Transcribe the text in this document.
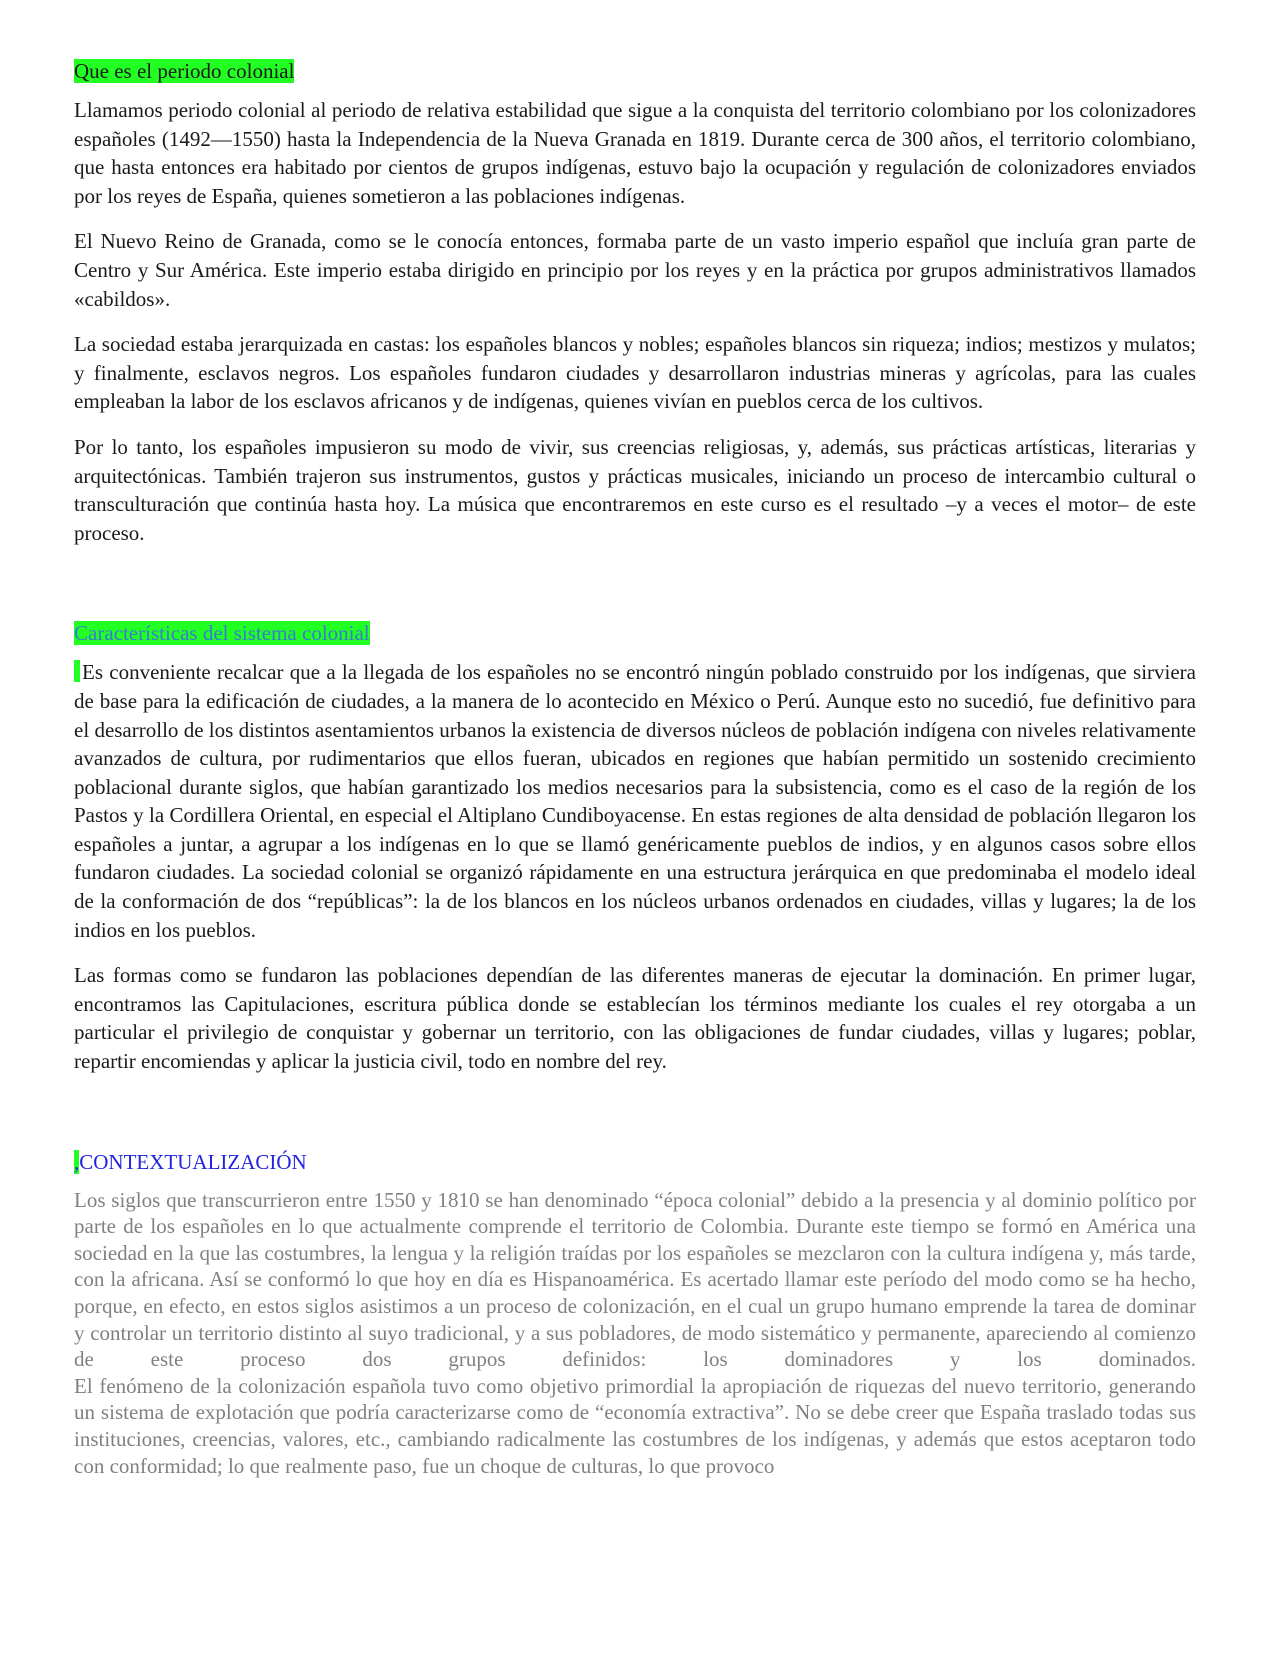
Que es el periodo colonial

Llamamos periodo colonial al periodo de relativa estabilidad que sigue a la conquista del territorio colombiano por los colonizadores españoles (1492—1550) hasta la Independencia de la Nueva Granada en 1819. Durante cerca de 300 años, el territorio colombiano, que hasta entonces era habitado por cientos de grupos indígenas, estuvo bajo la ocupación y regulación de colonizadores enviados por los reyes de España, quienes sometieron a las poblaciones indígenas.

El Nuevo Reino de Granada, como se le conocía entonces, formaba parte de un vasto imperio español que incluía gran parte de Centro y Sur América. Este imperio estaba dirigido en principio por los reyes y en la práctica por grupos administrativos llamados «cabildos».

La sociedad estaba jerarquizada en castas: los españoles blancos y nobles; españoles blancos sin riqueza; indios; mestizos y mulatos; y finalmente, esclavos negros. Los españoles fundaron ciudades y desarrollaron industrias mineras y agrícolas, para las cuales empleaban la labor de los esclavos africanos y de indígenas, quienes vivían en pueblos cerca de los cultivos.

Por lo tanto, los españoles impusieron su modo de vivir, sus creencias religiosas, y, además, sus prácticas artísticas, literarias y arquitectónicas. También trajeron sus instrumentos, gustos y prácticas musicales, iniciando un proceso de intercambio cultural o transculturación que continúa hasta hoy. La música que encontraremos en este curso es el resultado –y a veces el motor– de este proceso.

Características del sistema colonial

Es conveniente recalcar que a la llegada de los españoles no se encontró ningún poblado construido por los indígenas, que sirviera de base para la edificación de ciudades, a la manera de lo acontecido en México o Perú. Aunque esto no sucedió, fue definitivo para el desarrollo de los distintos asentamientos urbanos la existencia de diversos núcleos de población indígena con niveles relativamente avanzados de cultura, por rudimentarios que ellos fueran, ubicados en regiones que habían permitido un sostenido crecimiento poblacional durante siglos, que habían garantizado los medios necesarios para la subsistencia, como es el caso de la región de los Pastos y la Cordillera Oriental, en especial el Altiplano Cundiboyacense. En estas regiones de alta densidad de población llegaron los españoles a juntar, a agrupar a los indígenas en lo que se llamó genéricamente pueblos de indios, y en algunos casos sobre ellos fundaron ciudades. La sociedad colonial se organizó rápidamente en una estructura jerárquica en que predominaba el modelo ideal de la conformación de dos “repúblicas”: la de los blancos en los núcleos urbanos ordenados en ciudades, villas y lugares; la de los indios en los pueblos.

Las formas como se fundaron las poblaciones dependían de las diferentes maneras de ejecutar la dominación. En primer lugar, encontramos las Capitulaciones, escritura pública donde se establecían los términos mediante los cuales el rey otorgaba a un particular el privilegio de conquistar y gobernar un territorio, con las obligaciones de fundar ciudades, villas y lugares; poblar, repartir encomiendas y aplicar la justicia civil, todo en nombre del rey.

,CONTEXTUALIZACIÓN

Los siglos que transcurrieron entre 1550 y 1810 se han denominado “época colonial” debido a la presencia y al dominio político por parte de los españoles en lo que actualmente comprende el territorio de Colombia. Durante este tiempo se formó en América una sociedad en la que las costumbres, la lengua y la religión traídas por los españoles se mezclaron con la cultura indígena y, más tarde, con la africana. Así se conformó lo que hoy en día es Hispanoamérica. Es acertado llamar este período del modo como se ha hecho, porque, en efecto, en estos siglos asistimos a un proceso de colonización, en el cual un grupo humano emprende la tarea de dominar y controlar un territorio distinto al suyo tradicional, y a sus pobladores, de modo sistemático y permanente, apareciendo al comienzo de este proceso dos grupos definidos: los dominadores y los dominados.
El fenómeno de la colonización española tuvo como objetivo primordial la apropiación de riquezas del nuevo territorio, generando un sistema de explotación que podría caracterizarse como de “economía extractiva”. No se debe creer que España traslado todas sus instituciones, creencias, valores, etc., cambiando radicalmente las costumbres de los indígenas, y además que estos aceptaron todo con conformidad; lo que realmente paso, fue un choque de culturas, lo que provoco
